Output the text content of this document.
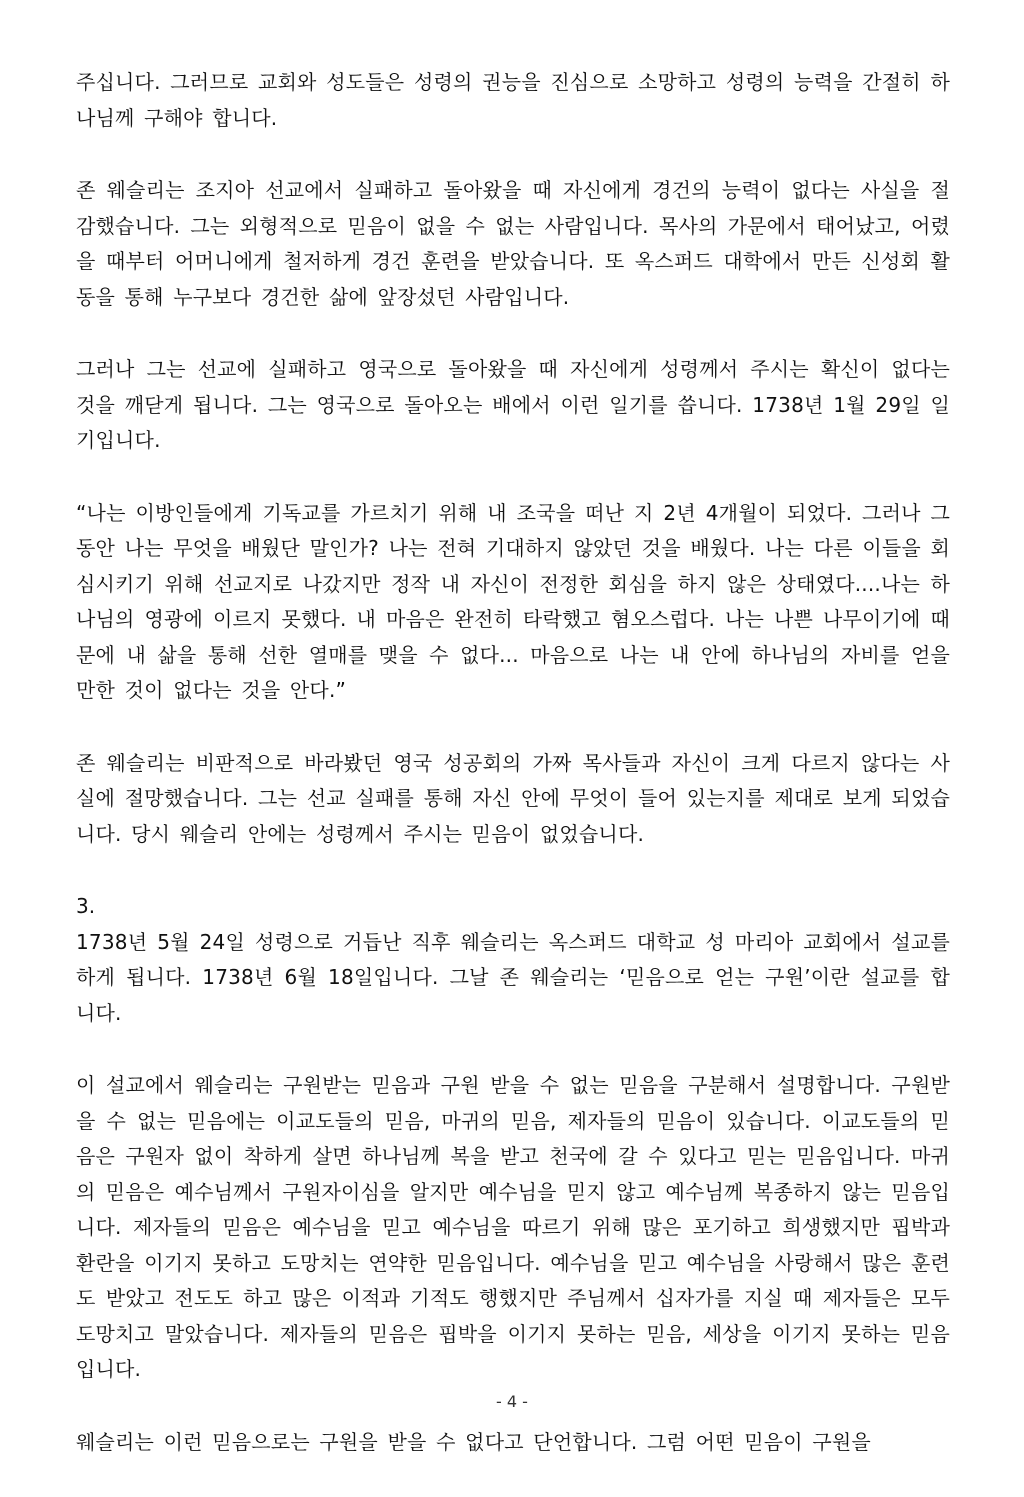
주십니다. 그러므로 교회와 성도들은 성령의 권능을 진심으로 소망하고 성령의 능력을 간절히 하나님께 구해야 합니다.

존 웨슬리는 조지아 선교에서 실패하고 돌아왔을 때 자신에게 경건의 능력이 없다는 사실을 절감했습니다. 그는 외형적으로 믿음이 없을 수 없는 사람입니다. 목사의 가문에서 태어났고, 어렸을 때부터 어머니에게 철저하게 경건 훈련을 받았습니다. 또 옥스퍼드 대학에서 만든 신성회 활동을 통해 누구보다 경건한 삶에 앞장섰던 사람입니다.

그러나 그는 선교에 실패하고 영국으로 돌아왔을 때 자신에게 성령께서 주시는 확신이 없다는 것을 깨닫게 됩니다. 그는 영국으로 돌아오는 배에서 이런 일기를 씁니다. 1738년 1월 29일 일기입니다.

“나는 이방인들에게 기독교를 가르치기 위해 내 조국을 떠난 지 2년 4개월이 되었다. 그러나 그동안 나는 무엇을 배웠단 말인가? 나는 전혀 기대하지 않았던 것을 배웠다. 나는 다른 이들을 회심시키기 위해 선교지로 나갔지만 정작 내 자신이 전정한 회심을 하지 않은 상태였다....나는 하나님의 영광에 이르지 못했다. 내 마음은 완전히 타락했고 혐오스럽다. 나는 나쁜 나무이기에 때문에 내 삶을 통해 선한 열매를 맺을 수 없다... 마음으로 나는 내 안에 하나님의 자비를 얻을 만한 것이 없다는 것을 안다.”

존 웨슬리는 비판적으로 바라봤던 영국 성공회의 가짜 목사들과 자신이 크게 다르지 않다는 사실에 절망했습니다. 그는 선교 실패를 통해 자신 안에 무엇이 들어 있는지를 제대로 보게 되었습니다. 당시 웨슬리 안에는 성령께서 주시는 믿음이 없었습니다.

3.

1738년 5월 24일 성령으로 거듭난 직후 웨슬리는 옥스퍼드 대학교 성 마리아 교회에서 설교를 하게 됩니다. 1738년 6월 18일입니다. 그날 존 웨슬리는 ‘믿음으로 얻는 구원’이란 설교를 합니다.

이 설교에서 웨슬리는 구원받는 믿음과 구원 받을 수 없는 믿음을 구분해서 설명합니다. 구원받을 수 없는 믿음에는 이교도들의 믿음, 마귀의 믿음, 제자들의 믿음이 있습니다. 이교도들의 믿음은 구원자 없이 착하게 살면 하나님께 복을 받고 천국에 갈 수 있다고 믿는 믿음입니다. 마귀의 믿음은 예수님께서 구원자이심을 알지만 예수님을 믿지 않고 예수님께 복종하지 않는 믿음입니다. 제자들의 믿음은 예수님을 믿고 예수님을 따르기 위해 많은 포기하고 희생했지만 핍박과 환란을 이기지 못하고 도망치는 연약한 믿음입니다. 예수님을 믿고 예수님을 사랑해서 많은 훈련도 받았고 전도도 하고 많은 이적과 기적도 행했지만 주님께서 십자가를 지실 때 제자들은 모두 도망치고 말았습니다. 제자들의 믿음은 핍박을 이기지 못하는 믿음, 세상을 이기지 못하는 믿음입니다.

웨슬리는 이런 믿음으로는 구원을 받을 수 없다고 단언합니다. 그럼 어떤 믿음이 구원을

- 4 -
